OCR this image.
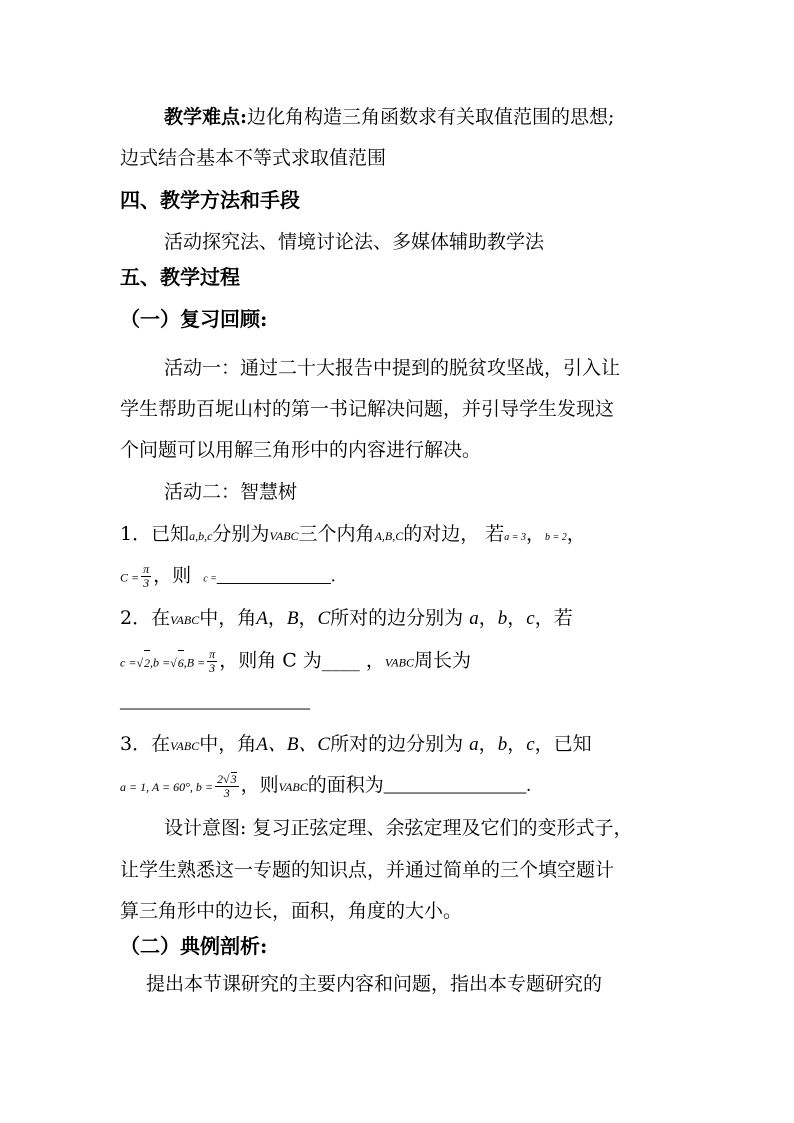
教学难点:边化角构造三角函数求有关取值范围的思想;
边式结合基本不等式求取值范围
四、教学方法和手段
活动探究法、情境讨论法、多媒体辅助教学法
五、教学过程
（一）复习回顾:
活动一：通过二十大报告中提到的脱贫攻坚战，引入让
学生帮助百坭山村的第一书记解决问题，并引导学生发现这
个问题可以用解三角形中的内容进行解决。
活动二：智慧树
1．已知a,b,c分别为VABC三个内角A,B,C的对边， 若a = 3，b = 2，
$C = \frac{\pi}{3}$ ，则 c =____________.
2．在VABC中，角A，B，C所对的边分别为 a，b，c，若
$c =√2,b =√6,B = \frac{\pi}{3}$ ，则角 C 为____ ，VABC周长为
____________________
3．在VABC中，角A、B、C所对的边分别为 a，b，c，已知
a = 1, A = 60°, $b = \frac{2√3}{3}$ ，则VABC的面积为_______________.
设计意图: 复习正弦定理、余弦定理及它们的变形式子，
让学生熟悉这一专题的知识点，并通过简单的三个填空题计
算三角形中的边长，面积，角度的大小。
（二）典例剖析:
提出本节课研究的主要内容和问题，指出本专题研究的
